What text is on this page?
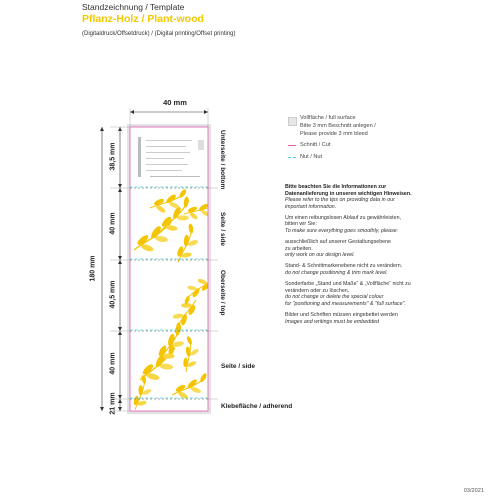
Standzeichnung / Template
Pflanz-Holz / Plant-wood
(Digitaldruck/Offsetdruck) / (Digital printing/Offset printing)
40 mm
180 mm
38,5 mm
40 mm
40,5 mm
40 mm
21 mm
Unterseite / bottom
Seite / side
Oberseite / top
Seite / side
Klebefläche / adherend
Vollfläche / full surface
Bitte 3 mm Beschnitt anlegen /
Please provide 3 mm bleed
Schnitt / Cut
Nut / Nut

Bitte beachten Sie die Informationen zur
Datenanlieferung in unseren wichtigen Hinweisen.
Please refer to the tips on providing data in our
important information.

Um einen reibungslosen Ablauf zu gewährleisten,
bitten wir Sie:
To make sure everything goes smoothly, please:

ausschließlich auf unserer Gestaltungsebene
zu arbeiten.
only work on our design level.

Stand- & Schnittmarkenebene nicht zu verändern.
do not change positioning & trim mark level.

Sonderfarbe „Stand und Maße“ & „Vollfläche“ nicht zu
verändern oder zu löschen.
do not change or delete the special colour
for "positioning and measurements" & "full surface".

Bilder und Schriften müssen eingebettet werden
Images and writings must be embedded

03/2021
